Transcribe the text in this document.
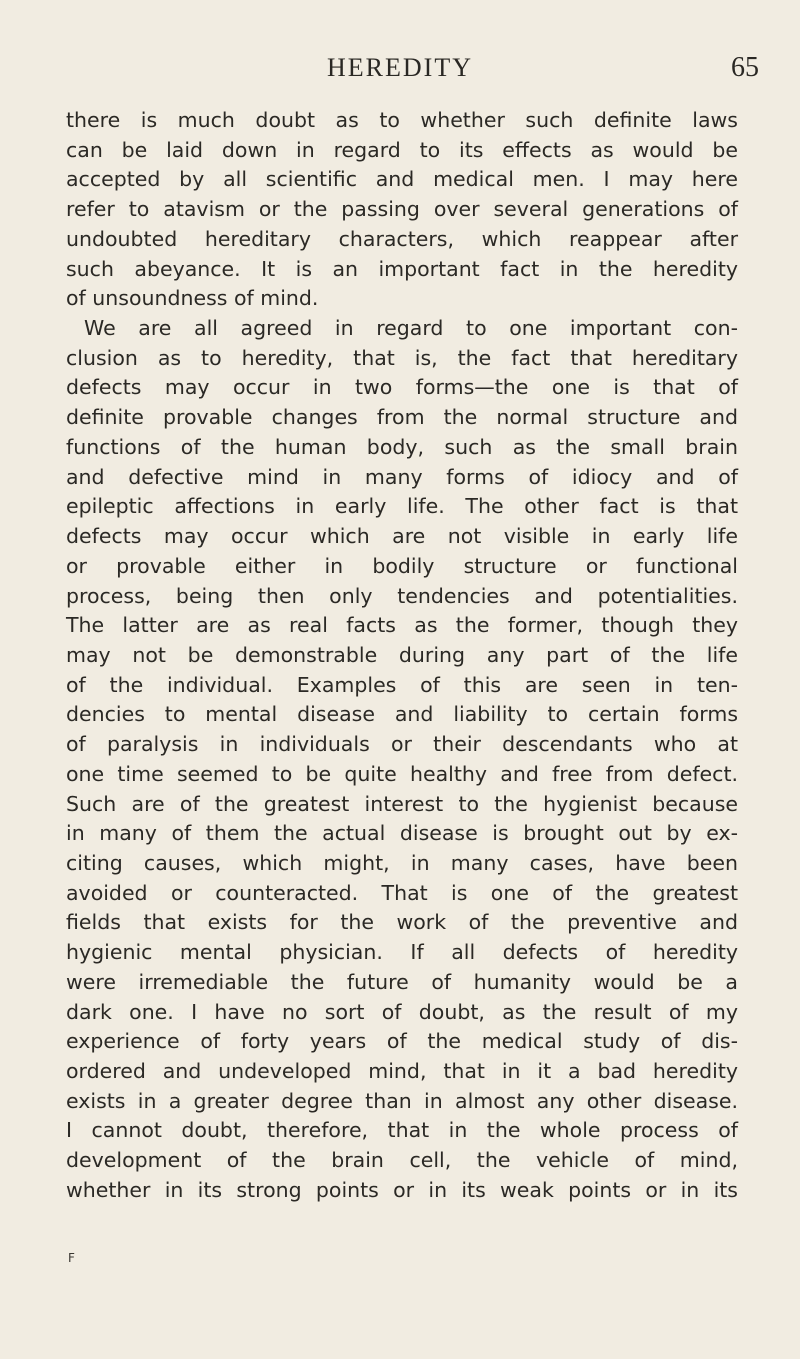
HEREDITY	65
there is much doubt as to whether such definite laws
can be laid down in regard to its effects as would be
accepted by all scientific and medical men. I may here
refer to atavism or the passing over several generations of
undoubted hereditary characters, which reappear after
such abeyance. It is an important fact in the heredity
of unsoundness of mind.
We are all agreed in regard to one important con-
clusion as to heredity, that is, the fact that hereditary
defects may occur in two forms—the one is that of
definite provable changes from the normal structure and
functions of the human body, such as the small brain
and defective mind in many forms of idiocy and of
epileptic affections in early life. The other fact is that
defects may occur which are not visible in early life
or provable either in bodily structure or functional
process, being then only tendencies and potentialities.
The latter are as real facts as the former, though they
may not be demonstrable during any part of the life
of the individual. Examples of this are seen in ten-
dencies to mental disease and liability to certain forms
of paralysis in individuals or their descendants who at
one time seemed to be quite healthy and free from defect.
Such are of the greatest interest to the hygienist because
in many of them the actual disease is brought out by ex-
citing causes, which might, in many cases, have been
avoided or counteracted. That is one of the greatest
fields that exists for the work of the preventive and
hygienic mental physician. If all defects of heredity
were irremediable the future of humanity would be a
dark one. I have no sort of doubt, as the result of my
experience of forty years of the medical study of dis-
ordered and undeveloped mind, that in it a bad heredity
exists in a greater degree than in almost any other disease.
I cannot doubt, therefore, that in the whole process of
development of the brain cell, the vehicle of mind,
whether in its strong points or in its weak points or in its
F
